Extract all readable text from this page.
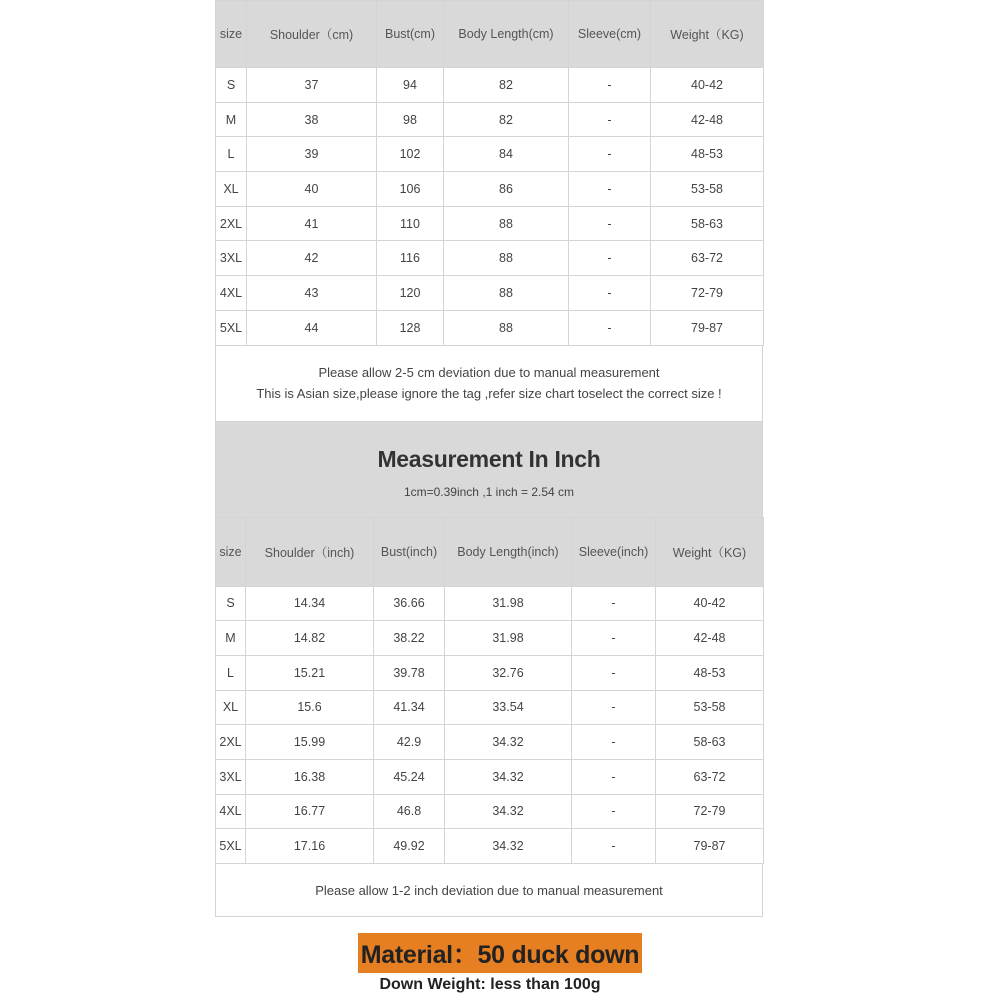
size	Shoulder（cm)	Bust(cm)	Body Length(cm)	Sleeve(cm)	Weight（KG)
S	37	94	82	-	40-42
M	38	98	82	-	42-48
L	39	102	84	-	48-53
XL	40	106	86	-	53-58
2XL	41	110	88	-	58-63
3XL	42	116	88	-	63-72
4XL	43	120	88	-	72-79
5XL	44	128	88	-	79-87
Please allow 2-5 cm deviation due to manual measurement
This is Asian size,please ignore the tag ,refer size chart toselect the correct size !
Measurement In Inch
1cm=0.39inch ,1 inch = 2.54 cm
size	Shoulder（inch)	Bust(inch)	Body Length(inch)	Sleeve(inch)	Weight（KG)
S	14.34	36.66	31.98	-	40-42
M	14.82	38.22	31.98	-	42-48
L	15.21	39.78	32.76	-	48-53
XL	15.6	41.34	33.54	-	53-58
2XL	15.99	42.9	34.32	-	58-63
3XL	16.38	45.24	34.32	-	63-72
4XL	16.77	46.8	34.32	-	72-79
5XL	17.16	49.92	34.32	-	79-87
Please allow 1-2 inch deviation due to manual measurement
Material：50 duck down
Down Weight: less than 100g
